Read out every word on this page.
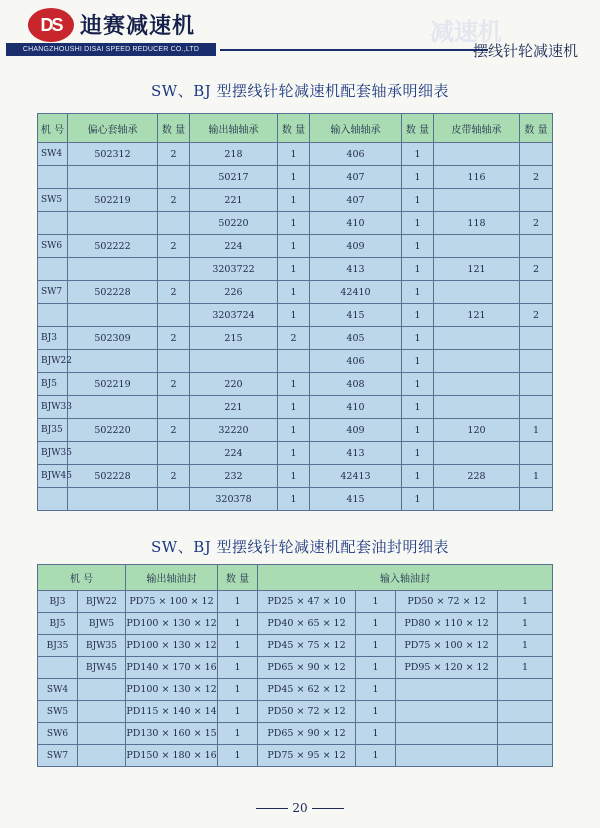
DS 迪赛减速机
CHANGZHOUSHI DISAI SPEED REDUCER CO.,LTD
减速机
摆线针轮减速机
SW、BJ 型摆线针轮减速机配套轴承明细表
机 号	偏心套轴承	数 量	输出轴轴承	数 量	输入轴轴承	数 量	皮带轴轴承	数 量
SW4	502312	2	218	1	406	1		
			50217	1	407	1	116	2
SW5	502219	2	221	1	407	1		
			50220	1	410	1	118	2
SW6	502222	2	224	1	409	1		
			3203722	1	413	1	121	2
SW7	502228	2	226	1	42410	1		
			3203724	1	415	1	121	2
BJ3	502309	2	215	2	405	1		
BJW22					406	1		
BJ5	502219	2	220	1	408	1		
BJW33			221	1	410	1		
BJ35	502220	2	32220	1	409	1	120	1
BJW35			224	1	413	1		
BJW45	502228	2	232	1	42413	1	228	1
			320378	1	415	1		
SW、BJ 型摆线针轮减速机配套油封明细表
机 号		输出轴油封	数 量	输入轴油封			
BJ3	BJW22	PD75 × 100 × 12	1	PD25 × 47 × 10	1	PD50 × 72 × 12	1
BJ5	BJW5	PD100 × 130 × 12	1	PD40 × 65 × 12	1	PD80 × 110 × 12	1
BJ35	BJW35	PD100 × 130 × 12	1	PD45 × 75 × 12	1	PD75 × 100 × 12	1
	BJW45	PD140 × 170 × 16	1	PD65 × 90 × 12	1	PD95 × 120 × 12	1
SW4		PD100 × 130 × 12	1	PD45 × 62 × 12	1		
SW5		PD115 × 140 × 14	1	PD50 × 72 × 12	1		
SW6		PD130 × 160 × 15	1	PD65 × 90 × 12	1		
SW7		PD150 × 180 × 16	1	PD75 × 95 × 12	1		
20
